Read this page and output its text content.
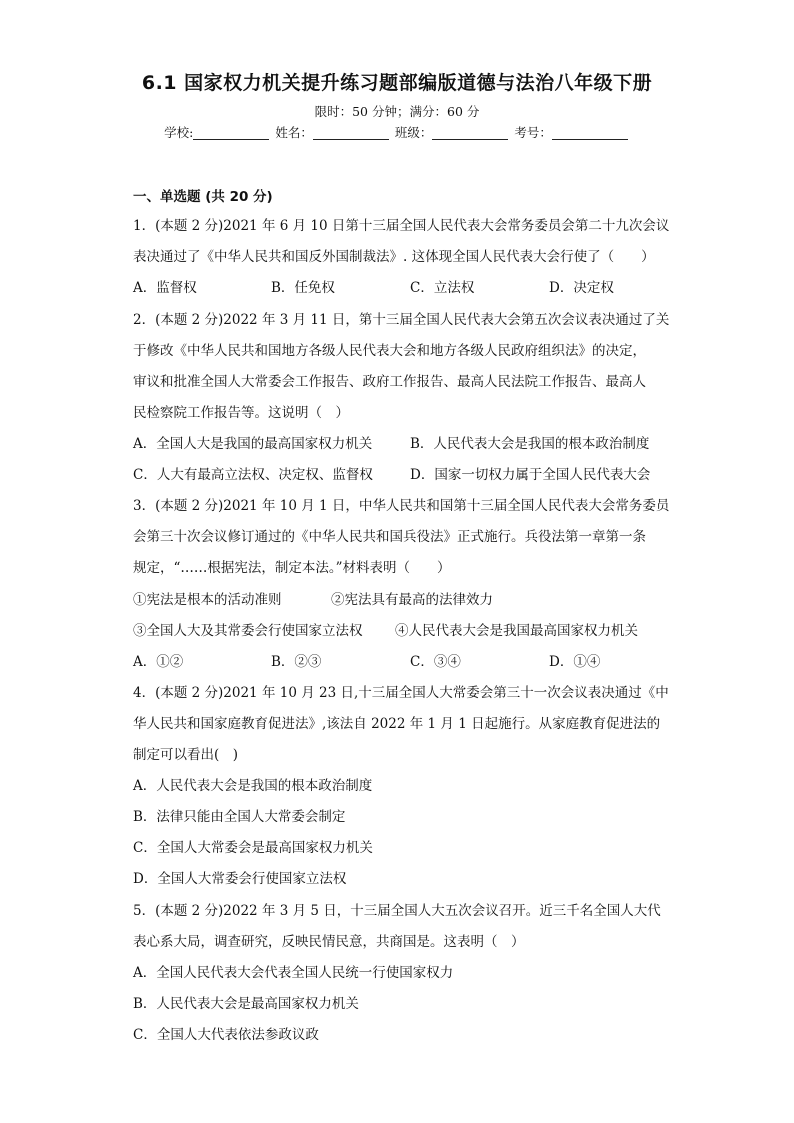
6.1 国家权力机关提升练习题部编版道德与法治八年级下册
限时：50 分钟；满分：60 分
学校:	姓名：	班级：	考号：
一、单选题 (共 20 分)
1．(本题 2 分)2021 年 6 月 10 日第十三届全国人民代表大会常务委员会第二十九次会议
表决通过了《中华人民共和国反外国制裁法》. 这体现全国人民代表大会行使了（　　）
A．监督权	B．任免权	C．立法权	D．决定权
2．(本题 2 分)2022 年 3 月 11 日，第十三届全国人民代表大会第五次会议表决通过了关
于修改《中华人民共和国地方各级人民代表大会和地方各级人民政府组织法》的决定，
审议和批准全国人大常委会工作报告、政府工作报告、最高人民法院工作报告、最高人
民检察院工作报告等。这说明（　）
A．全国人大是我国的最高国家权力机关	B．人民代表大会是我国的根本政治制度
C．人大有最高立法权、决定权、监督权	D．国家一切权力属于全国人民代表大会
3．(本题 2 分)2021 年 10 月 1 日，中华人民共和国第十三届全国人民代表大会常务委员
会第三十次会议修订通过的《中华人民共和国兵役法》正式施行。兵役法第一章第一条
规定，“……根据宪法，制定本法。”材料表明（　　）
①宪法是根本的活动准则	②宪法具有最高的法律效力
③全国人大及其常委会行使国家立法权 ④人民代表大会是我国最高国家权力机关
A．①②	B．②③	C．③④	D．①④
4．(本题 2 分)2021 年 10 月 23 日,十三届全国人大常委会第三十一次会议表决通过《中
华人民共和国家庭教育促进法》,该法自 2022 年 1 月 1 日起施行。从家庭教育促进法的
制定可以看出(　)
A．人民代表大会是我国的根本政治制度
B．法律只能由全国人大常委会制定
C．全国人大常委会是最高国家权力机关
D．全国人大常委会行使国家立法权
5．(本题 2 分)2022 年 3 月 5 日，十三届全国人大五次会议召开。近三千名全国人大代
表心系大局，调查研究，反映民情民意，共商国是。这表明（　）
A．全国人民代表大会代表全国人民统一行使国家权力
B．人民代表大会是最高国家权力机关
C．全国人大代表依法参政议政
